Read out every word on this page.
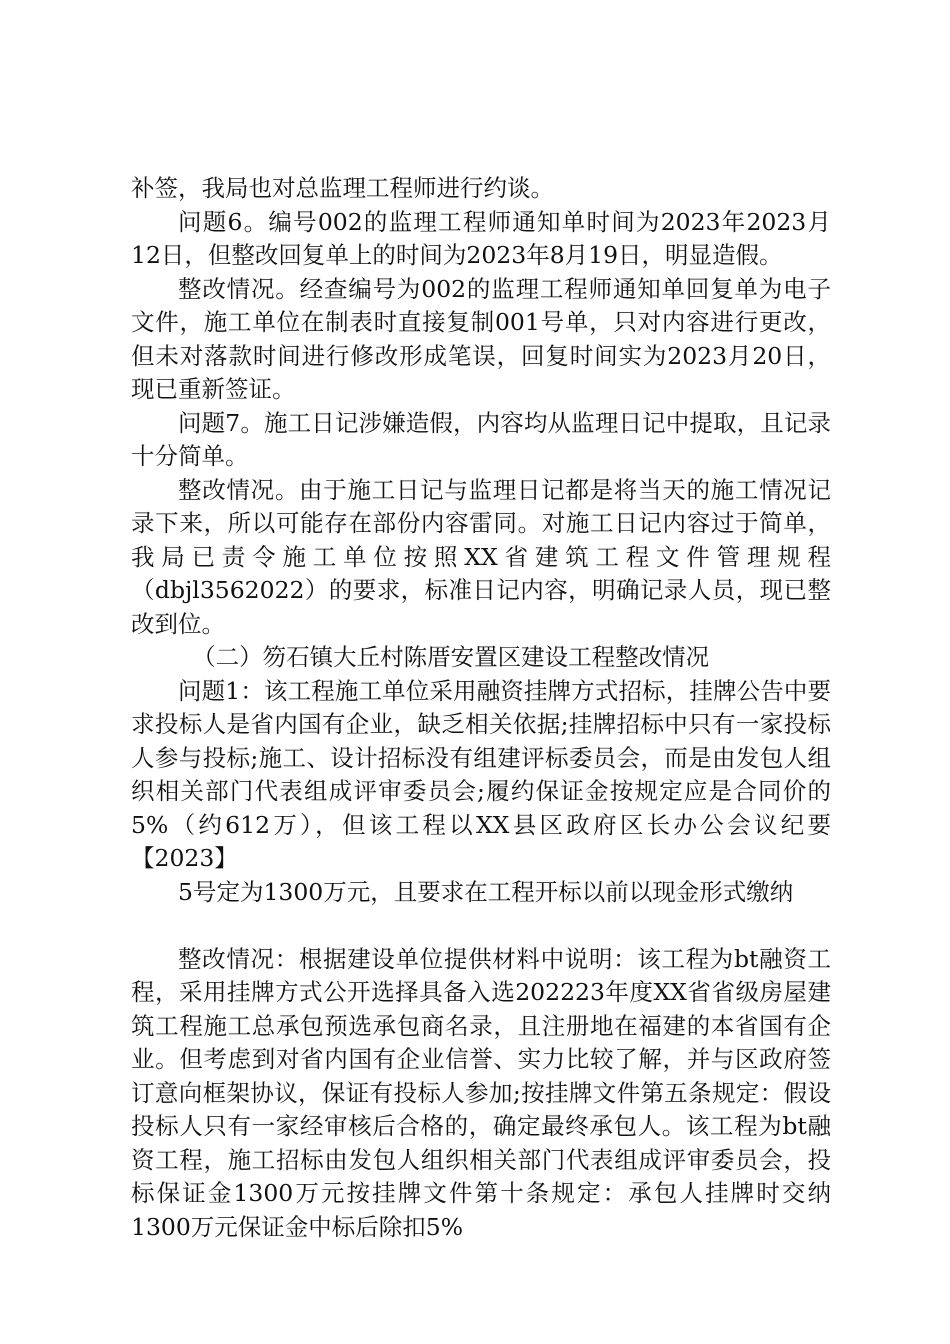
补签，我局也对总监理工程师进行约谈。

问题6。编号002的监理工程师通知单时间为2023年2023月12日，但整改回复单上的时间为2023年8月19日，明显造假。

整改情况。经查编号为002的监理工程师通知单回复单为电子文件，施工单位在制表时直接复制001号单，只对内容进行更改，但未对落款时间进行修改形成笔误，回复时间实为2023月20日，现已重新签证。

问题7。施工日记涉嫌造假，内容均从监理日记中提取，且记录十分简单。

整改情况。由于施工日记与监理日记都是将当天的施工情况记录下来，所以可能存在部份内容雷同。对施工日记内容过于简单，我局已责令施工单位按照XX省建筑工程文件管理规程（dbjl3562022）的要求，标准日记内容，明确记录人员，现已整改到位。

（二）笏石镇大丘村陈厝安置区建设工程整改情况

问题1：该工程施工单位采用融资挂牌方式招标，挂牌公告中要求投标人是省内国有企业，缺乏相关依据;挂牌招标中只有一家投标人参与投标;施工、设计招标没有组建评标委员会，而是由发包人组织相关部门代表组成评审委员会;履约保证金按规定应是合同价的5%（约612万），但该工程以XX县区政府区长办公会议纪要【2023】

5号定为1300万元，且要求在工程开标以前以现金形式缴纳

整改情况：根据建设单位提供材料中说明：该工程为bt融资工程，采用挂牌方式公开选择具备入选202223年度XX省省级房屋建筑工程施工总承包预选承包商名录，且注册地在福建的本省国有企业。但考虑到对省内国有企业信誉、实力比较了解，并与区政府签订意向框架协议，保证有投标人参加;按挂牌文件第五条规定：假设投标人只有一家经审核后合格的，确定最终承包人。该工程为bt融资工程，施工招标由发包人组织相关部门代表组成评审委员会，投标保证金1300万元按挂牌文件第十条规定：承包人挂牌时交纳1300万元保证金中标后除扣5%
